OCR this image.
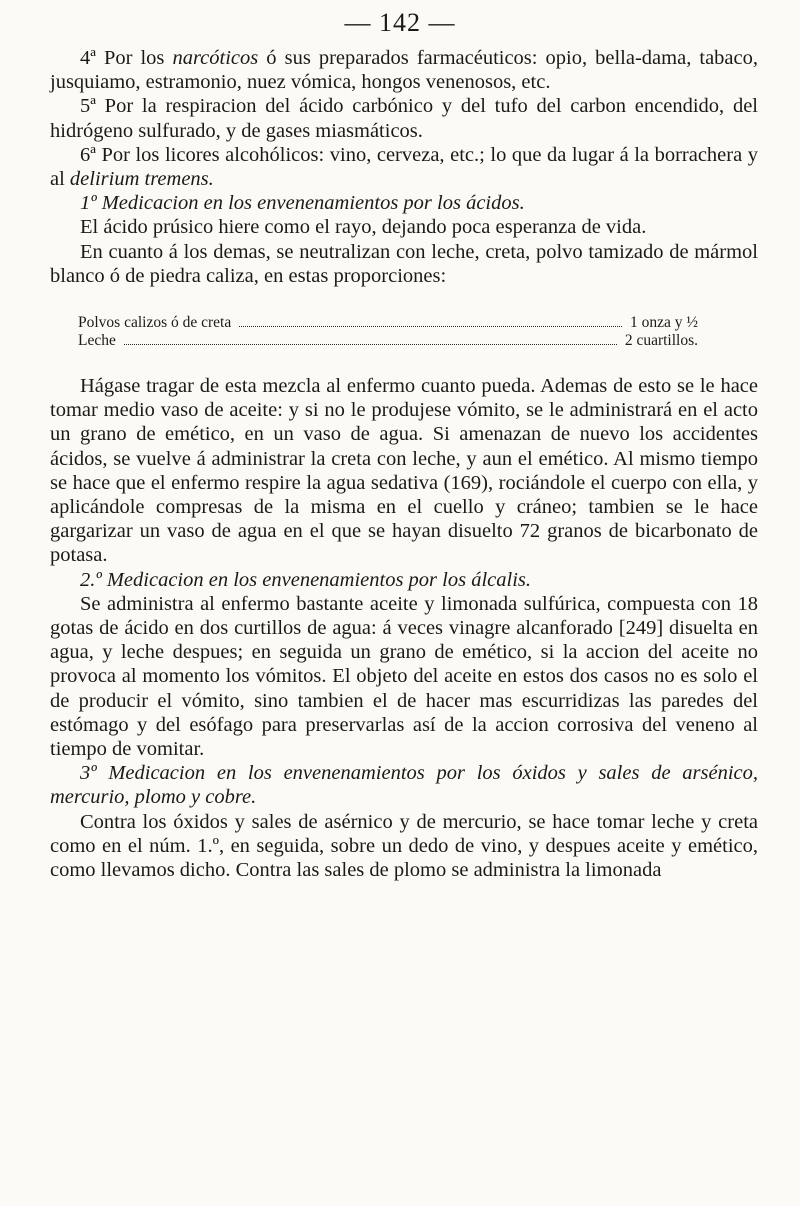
— 142 —

4ª Por los narcóticos ó sus preparados farmacéuticos: opio, bella-dama, tabaco, jusquiamo, estramonio, nuez vómica, hongos venenosos, etc.

5ª Por la respiracion del ácido carbónico y del tufo del carbon encendido, del hidrógeno sulfurado, y de gases miasmáticos.

6ª Por los licores alcohólicos: vino, cerveza, etc.; lo que da lugar á la borrachera y al delirium tremens.

1º Medicacion en los envenenamientos por los ácidos.

El ácido prúsico hiere como el rayo, dejando poca esperanza de vida.

En cuanto á los demas, se neutralizan con leche, creta, polvo tamizado de mármol blanco ó de piedra caliza, en estas proporciones:

Polvos calizos ó de creta	1 onza y ½
Leche	2 cuartillos.

Hágase tragar de esta mezcla al enfermo cuanto pueda. Ademas de esto se le hace tomar medio vaso de aceite: y si no le produjese vómito, se le administrará en el acto un grano de emético, en un vaso de agua. Si amenazan de nuevo los accidentes ácidos, se vuelve á administrar la creta con leche, y aun el emético. Al mismo tiempo se hace que el enfermo respire la agua sedativa (169), rociándole el cuerpo con ella, y aplicándole compresas de la misma en el cuello y cráneo; tambien se le hace gargarizar un vaso de agua en el que se hayan disuelto 72 granos de bicarbonato de potasa.

2.º Medicacion en los envenenamientos por los álcalis.

Se administra al enfermo bastante aceite y limonada sulfúrica, compuesta con 18 gotas de ácido en dos curtillos de agua: á veces vinagre alcanforado [249] disuelta en agua, y leche despues; en seguida un grano de emético, si la accion del aceite no provoca al momento los vómitos. El objeto del aceite en estos dos casos no es solo el de producir el vómito, sino tambien el de hacer mas escurridizas las paredes del estómago y del esófago para preservarlas así de la accion corrosiva del veneno al tiempo de vomitar.

3º Medicacion en los envenenamientos por los óxidos y sales de arsénico, mercurio, plomo y cobre.

Contra los óxidos y sales de asérnico y de mercurio, se hace tomar leche y creta como en el núm. 1.º, en seguida, sobre un dedo de vino, y despues aceite y emético, como llevamos dicho. Contra las sales de plomo se administra la limonada
